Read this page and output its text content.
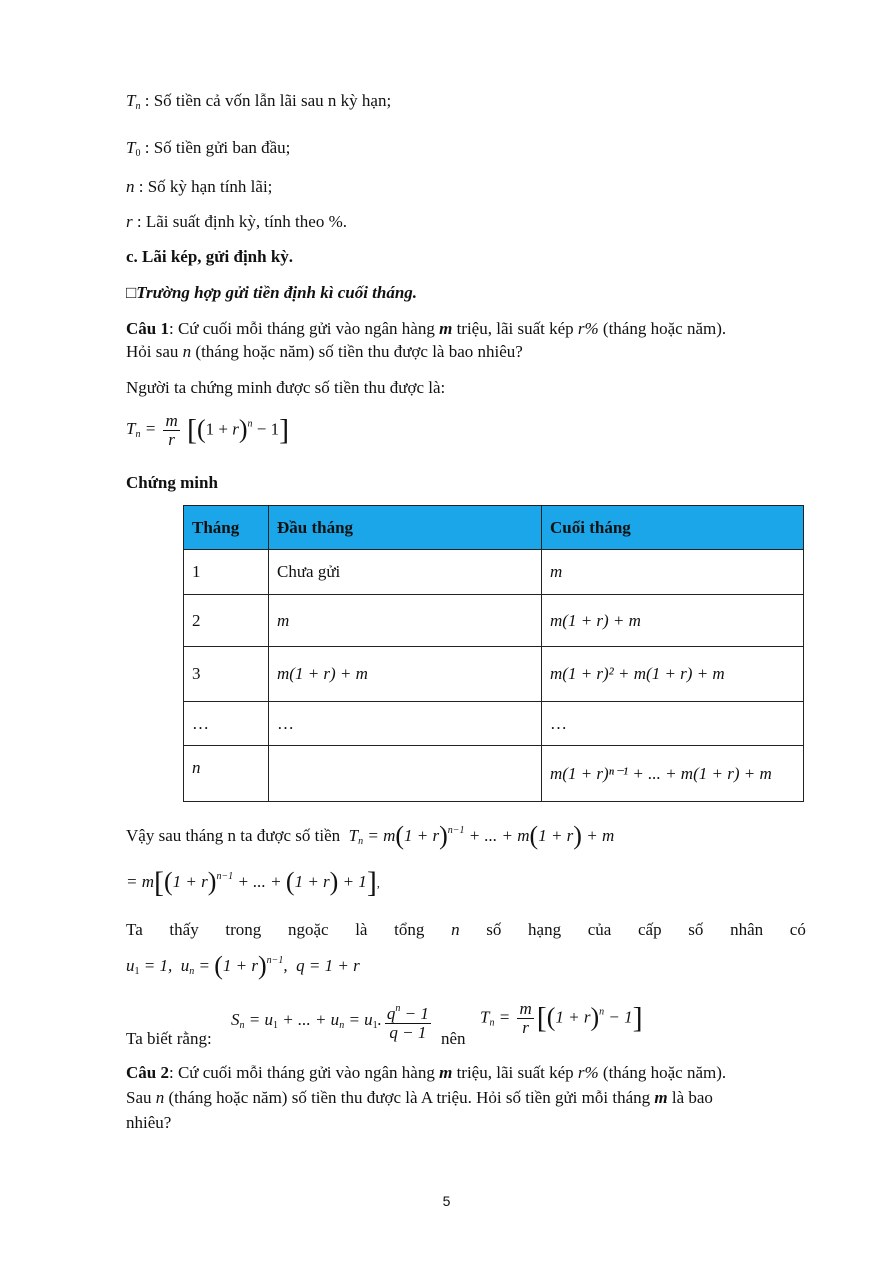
$T_n$ : Số tiền cả vốn lẫn lãi sau n kỳ hạn;
$T_0$ : Số tiền gửi ban đầu;
n : Số kỳ hạn tính lãi;
r : Lãi suất định kỳ, tính theo %.
c. Lãi kép, gửi định kỳ.
□Trường hợp gửi tiền định kì cuối tháng.
Câu 1: Cứ cuối mỗi tháng gửi vào ngân hàng m triệu, lãi suất kép r% (tháng hoặc năm).
Hỏi sau n (tháng hoặc năm) số tiền thu được là bao nhiêu?
Người ta chứng minh được số tiền thu được là:
$T_n = \frac{m}{r} [(1 + r)^n - 1]$
Chứng minh
Tháng	Đầu tháng	Cuối tháng
1	Chưa gửi	m
2	m	m(1 + r) + m
3	m(1 + r) + m	m(1 + r)² + m(1 + r) + m
…	…	…
n		m(1 + r)ⁿ⁻¹ + ... + m(1 + r) + m
Vậy sau tháng n ta được số tiền  $T_n = m(1 + r)^{n-1}$ + ... + m(1 + r) + m
= $m[(1 + r)^{n-1}$ + ... + (1 + r) + 1],
Ta thấy trong ngoặc là tổng n số hạng của cấp số nhân có
$u_1 = 1$,  $u_n = (1 + r)^{n-1}$,  q = 1 + r
Ta biết rằng:
$S_n = u_1$ + ... + $u_n = u_1$. $\frac{q^n - 1}{q - 1}$ nên
$T_n = \frac{m}{r} [(1 + r)^n - 1]$
Câu 2: Cứ cuối mỗi tháng gửi vào ngân hàng m triệu, lãi suất kép r% (tháng hoặc năm).
Sau n (tháng hoặc năm) số tiền thu được là A triệu. Hỏi số tiền gửi mỗi tháng m là bao
nhiêu?
5
